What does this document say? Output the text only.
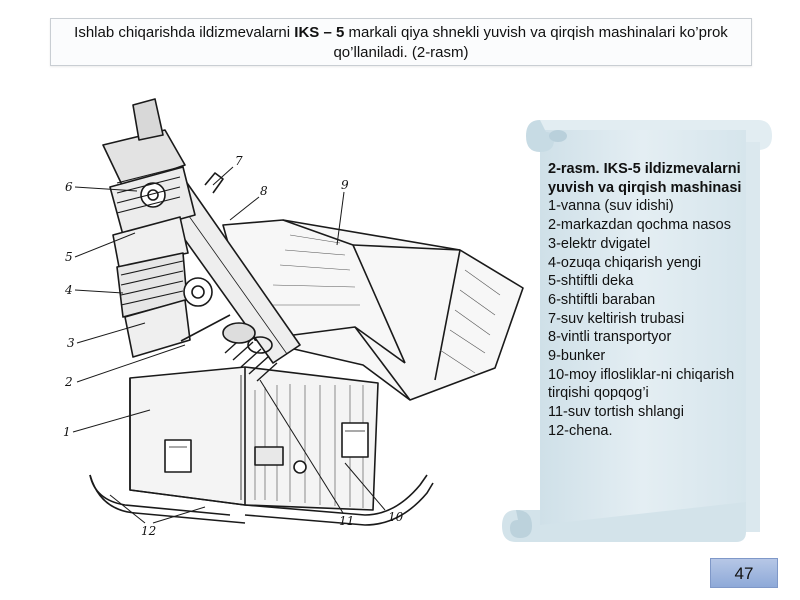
Ishlab chiqarishda ildizmevalarni IKS – 5 markali qiya shnekli yuvish va qirqish mashinalari ko’prok qo’llaniladi. (2-rasm)
1
2
3
4
5
6
7
8	9
10
11
12
2-rasm. IKS-5 ildizmevalarni yuvish va qirqish mashinasi
1-vanna (suv idishi)
2-markazdan qochma nasos
3-elektr dvigatel
4-ozuqa chiqarish yengi
5-shtiftli deka
6-shtiftli baraban
7-suv keltirish trubasi
8-vintli transportyor
9-bunker
10-moy iflosliklar-ni chiqarish tirqishi qopqog’i
11-suv tortish shlangi
12-chena.
47
